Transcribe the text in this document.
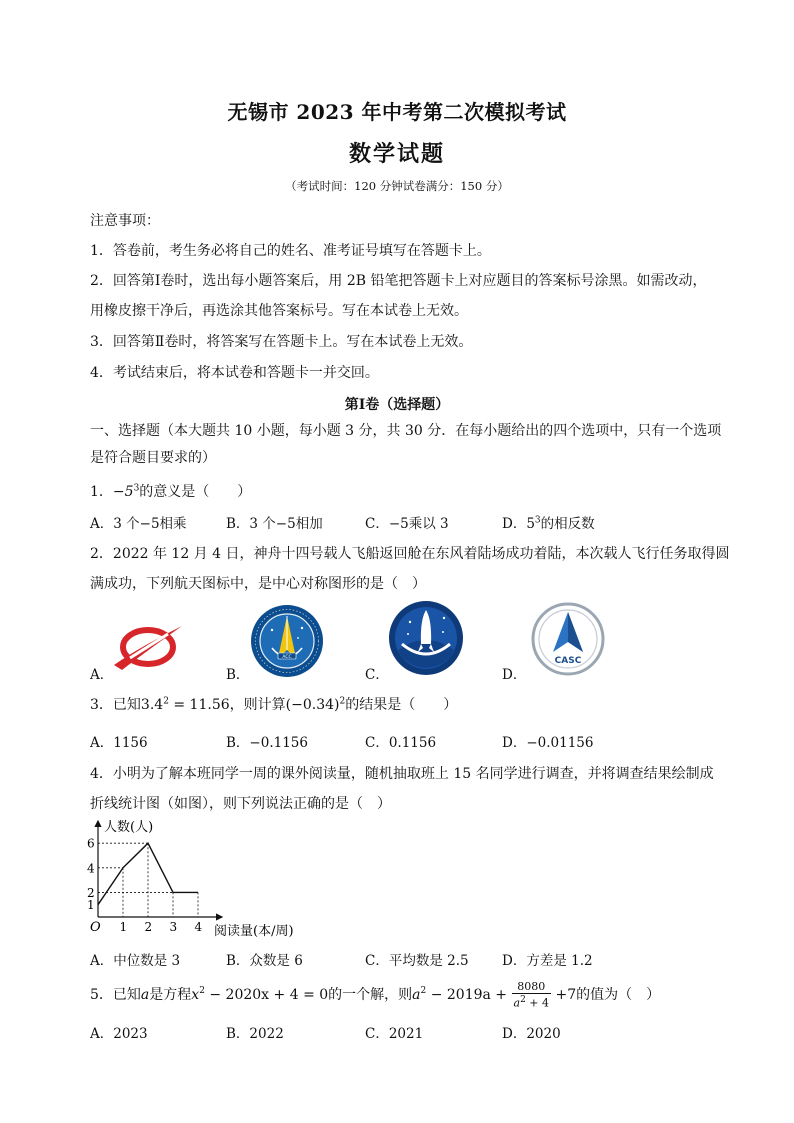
无锡市 2023 年中考第二次模拟考试
数学试题
（考试时间：120 分钟试卷满分：150 分）
注意事项：
1．答卷前，考生务必将自己的姓名、准考证号填写在答题卡上。
2．回答第Ⅰ卷时，选出每小题答案后，用 2B 铅笔把答题卡上对应题目的答案标号涂黑。如需改动，
用橡皮擦干净后，再选涂其他答案标号。写在本试卷上无效。
3．回答第Ⅱ卷时，将答案写在答题卡上。写在本试卷上无效。
4．考试结束后，将本试卷和答题卡一并交回。
第Ⅰ卷（选择题）
一、选择题（本大题共 10 小题，每小题 3 分，共 30 分．在每小题给出的四个选项中，只有一个选项
是符合题目要求的）
1．$-5^3$的意义是（　　）
A．3 个−5相乘	B．3 个−5相加	C．−5乘以 3	D．$5^3$的相反数
2．2022 年 12 月 4 日，神舟十四号载人飞船返回舱在东风着陆场成功着陆，本次载人飞行任务取得圆
满成功，下列航天图标中，是中心对称图形的是（　）
A．	B．	C．	D．
ACC	CASC
3．已知$3.4^2 = 11.56$，则计算$(-0.34)^2$的结果是（　　）
A．1156	B．−0.1156	C．0.1156	D．−0.01156
4．小明为了解本班同学一周的课外阅读量，随机抽取班上 15 名同学进行调查，并将调查结果绘制成
折线统计图（如图），则下列说法正确的是（　）
人数(人)
阅读量(本/周)
O 1 2 3 4
1
2
4
6
A．中位数是 3	B．众数是 6	C．平均数是 2.5 D．方差是 1.2
5．已知a是方程$x^2 - 2020x + 4 = 0$的一个解，则$a^2 - 2019a + \frac{8080}{a^2 + 4} +7$的值为（　）
A．2023	B．2022	C．2021	D．2020
